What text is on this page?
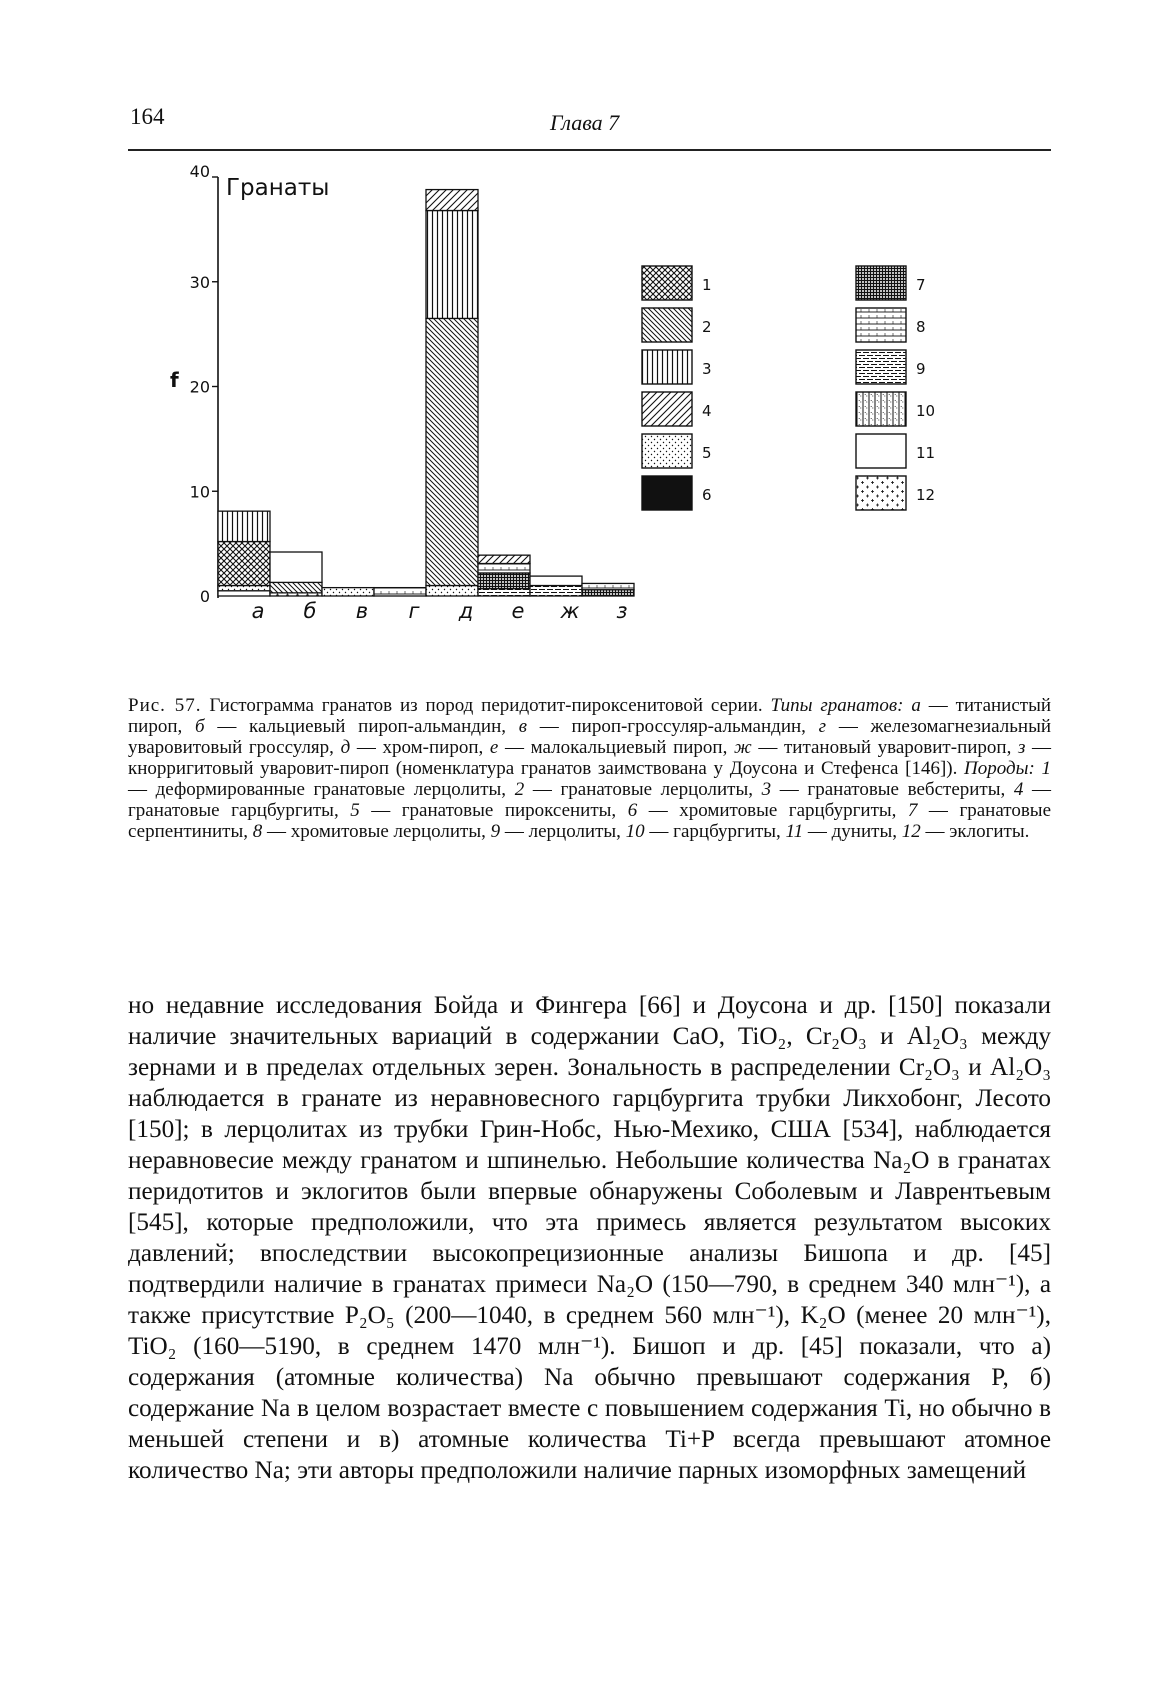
164	Глава 7
f
Гранаты
0
10
20
30
40
а б в г д е ж з
1
2
3
4
5
6
7
8
9
10
11
12
Рис. 57. Гистограмма гранатов из пород перидотит-пироксенитовой серии. Типы гранатов: а — титанистый пироп, б — кальциевый пироп-альмандин, в — пироп-гроссуляр-альмандин, г — железомагнезиальный уваровитовый гроссуляр, д — хром-пироп, е — малокальциевый пироп, ж — титановый уваровит-пироп, з — кнорригитовый уваровит-пироп (номенклатура гранатов заимствована у Доусона и Стефенса [146]). Породы: 1 — деформированные гранатовые лерцолиты, 2 — гранатовые лерцолиты, 3 — гранатовые вебстериты, 4 — гранатовые гарцбургиты, 5 — гранатовые пироксениты, 6 — хромитовые гарцбургиты, 7 — гранатовые серпентиниты, 8 — хромитовые лерцолиты, 9 — лерцолиты, 10 — гарцбургиты, 11 — дуниты, 12 — эклогиты.

но недавние исследования Бойда и Фингера [66] и Доусона и др. [150] показали наличие значительных вариаций в содержании CaO, TiO₂, Cr₂O₃ и Al₂O₃ между зернами и в пределах отдельных зерен. Зональность в распределении Cr₂O₃ и Al₂O₃ наблюдается в гранате из неравновесного гарцбургита трубки Ликхобонг, Лесото [150]; в лерцолитах из трубки Грин-Нобс, Нью-Мехико, США [534], наблюдается неравновесие между гранатом и шпинелью. Небольшие количества Na₂O в гранатах перидотитов и эклогитов были впервые обнаружены Соболевым и Лаврентьевым [545], которые предположили, что эта примесь является результатом высоких давлений; впоследствии высокопрецизионные анализы Бишопа и др. [45] подтвердили наличие в гранатах примеси Na₂O (150—790, в среднем 340 млн⁻¹), а также присутствие P₂O₅ (200—1040, в среднем 560 млн⁻¹), K₂O (менее 20 млн⁻¹), TiO₂ (160—5190, в среднем 1470 млн⁻¹). Бишоп и др. [45] показали, что а) содержания (атомные количества) Na обычно превышают содержания P, б) содержание Na в целом возрастает вместе с повышением содержания Ti, но обычно в меньшей степени и в) атомные количества Ti+P всегда превышают атомное количество Na; эти авторы предположили наличие парных изоморфных замещений
